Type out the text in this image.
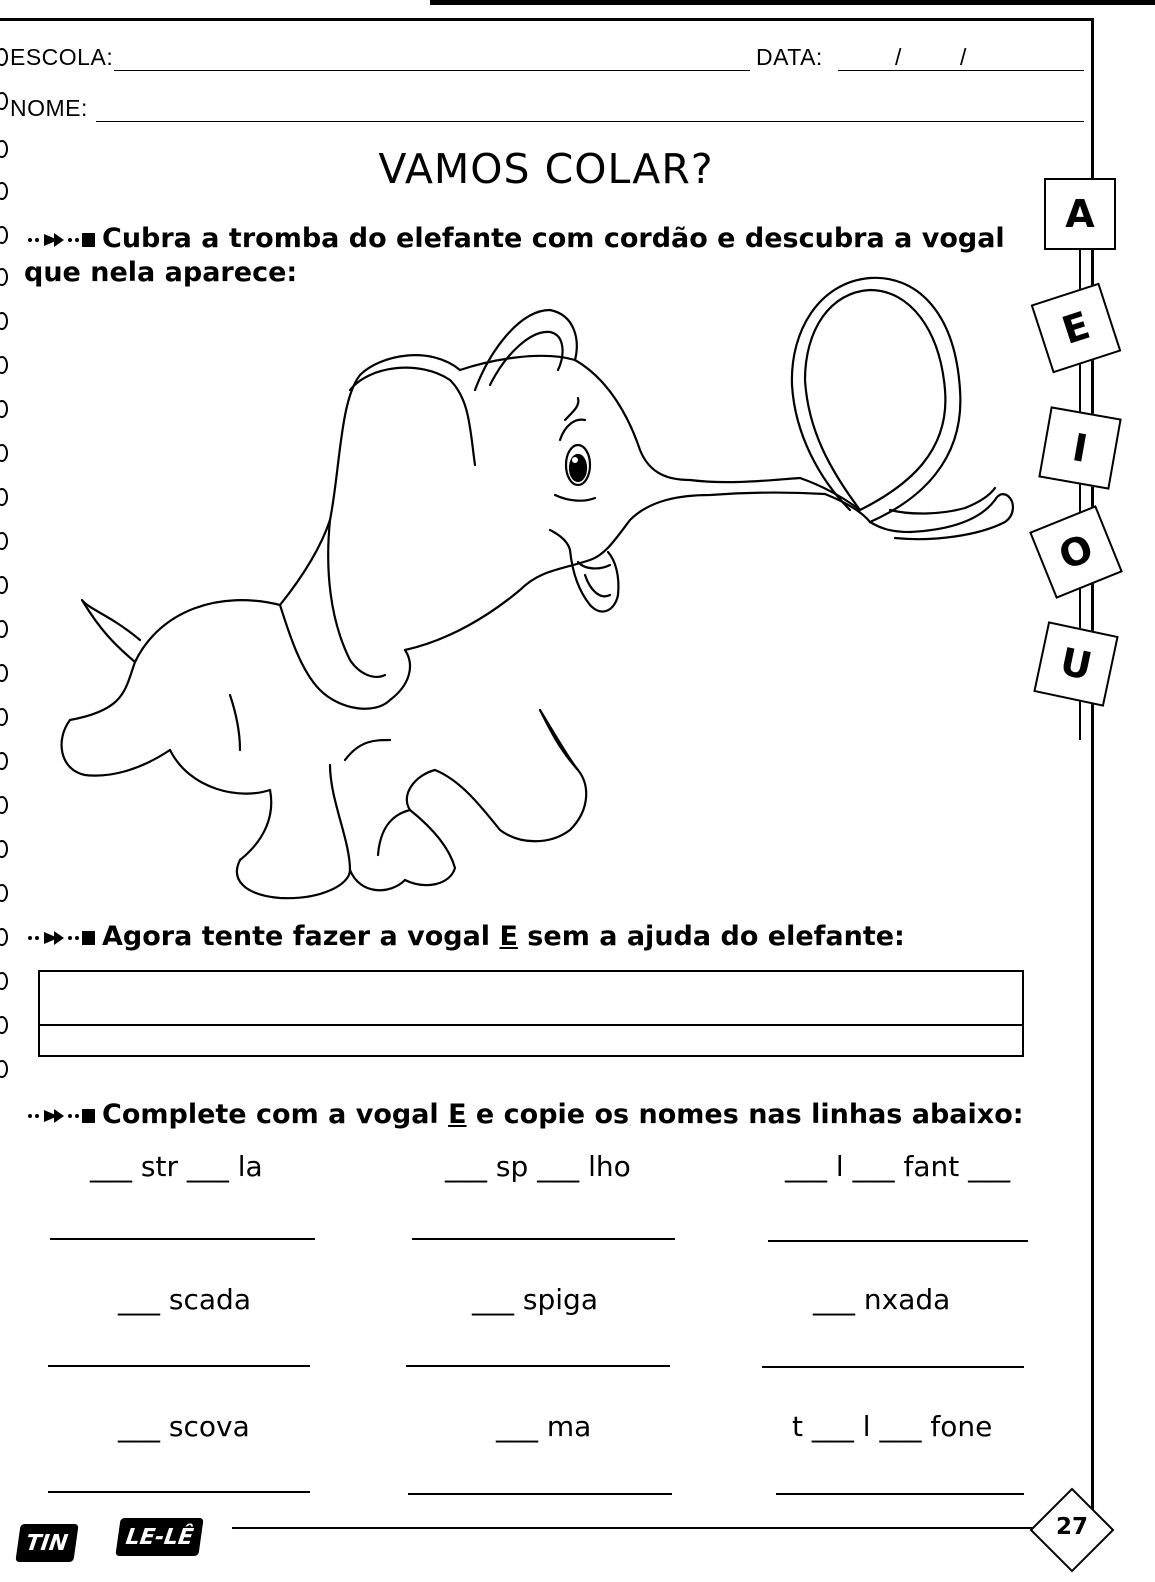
ESCOLA:	DATA:	/	/
NOME:
VAMOS COLAR?
Cubra a tromba do elefante com cordão e descubra a vogal
que nela aparece:
A
E
I
O
U
Agora tente fazer a vogal E sem a ajuda do elefante:
Complete com a vogal E e copie os nomes nas linhas abaixo:
___ str ___ la	___ sp ___ lho	___ l ___ fant ___
___ scada	___ spiga	___ nxada
___ scova	___ ma	t ___ l ___ fone
TIN	LE-LÊ	27
